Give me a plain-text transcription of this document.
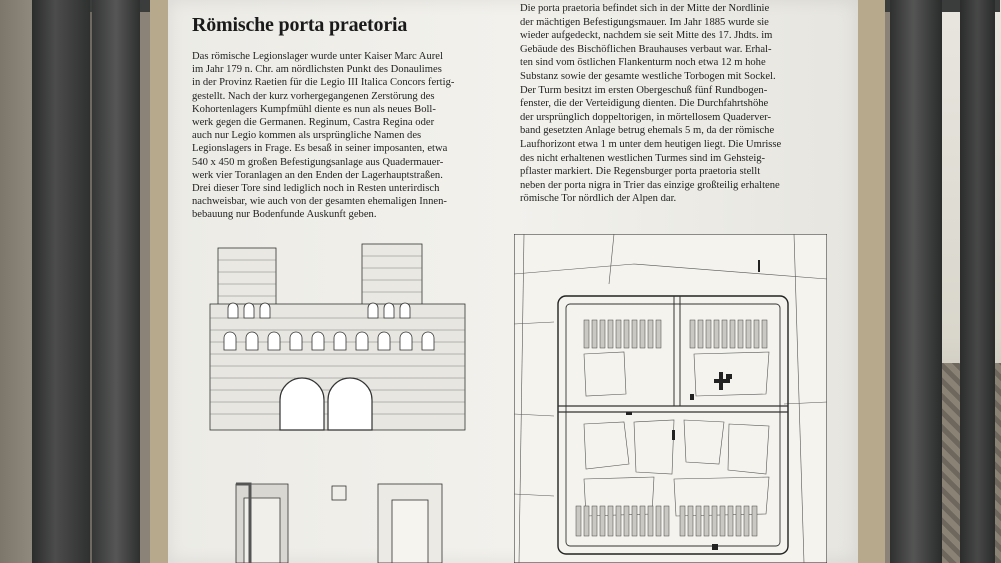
Römische porta praetoria
Das römische Legionslager wurde unter Kaiser Marc Aurel
im Jahr 179 n. Chr. am nördlichsten Punkt des Donaulimes
in der Provinz Raetien für die Legio III Italica Concors fertig-
gestellt. Nach der kurz vorhergegangenen Zerstörung des
Kohortenlagers Kumpfmühl diente es nun als neues Boll-
werk gegen die Germanen. Reginum, Castra Regina oder
auch nur Legio kommen als ursprüngliche Namen des
Legionslagers in Frage. Es besaß in seiner imposanten, etwa
540 x 450 m großen Befestigungsanlage aus Quadermauer-
werk vier Toranlagen an den Enden der Lagerhauptstraßen.
Drei dieser Tore sind lediglich noch in Resten unterirdisch
nachweisbar, wie auch von der gesamten ehemaligen Innen-
bebauung nur Bodenfunde Auskunft geben.
Die porta praetoria befindet sich in der Mitte der Nordlinie
der mächtigen Befestigungsmauer. Im Jahr 1885 wurde sie
wieder aufgedeckt, nachdem sie seit Mitte des 17. Jhdts. im
Gebäude des Bischöflichen Brauhauses verbaut war. Erhal-
ten sind vom östlichen Flankenturm noch etwa 12 m hohe
Substanz sowie der gesamte westliche Torbogen mit Sockel.
Der Turm besitzt im ersten Obergeschuß fünf Rundbogen-
fenster, die der Verteidigung dienten. Die Durchfahrtshöhe
der ursprünglich doppeltorigen, in mörtellosem Quaderver-
band gesetzten Anlage betrug ehemals 5 m, da der römische
Laufhorizont etwa 1 m unter dem heutigen liegt. Die Umrisse
des nicht erhaltenen westlichen Turmes sind im Gehsteig-
pflaster markiert. Die Regensburger porta praetoria stellt
neben der porta nigra in Trier das einzige großteilig erhaltene
römische Tor nördlich der Alpen dar.
